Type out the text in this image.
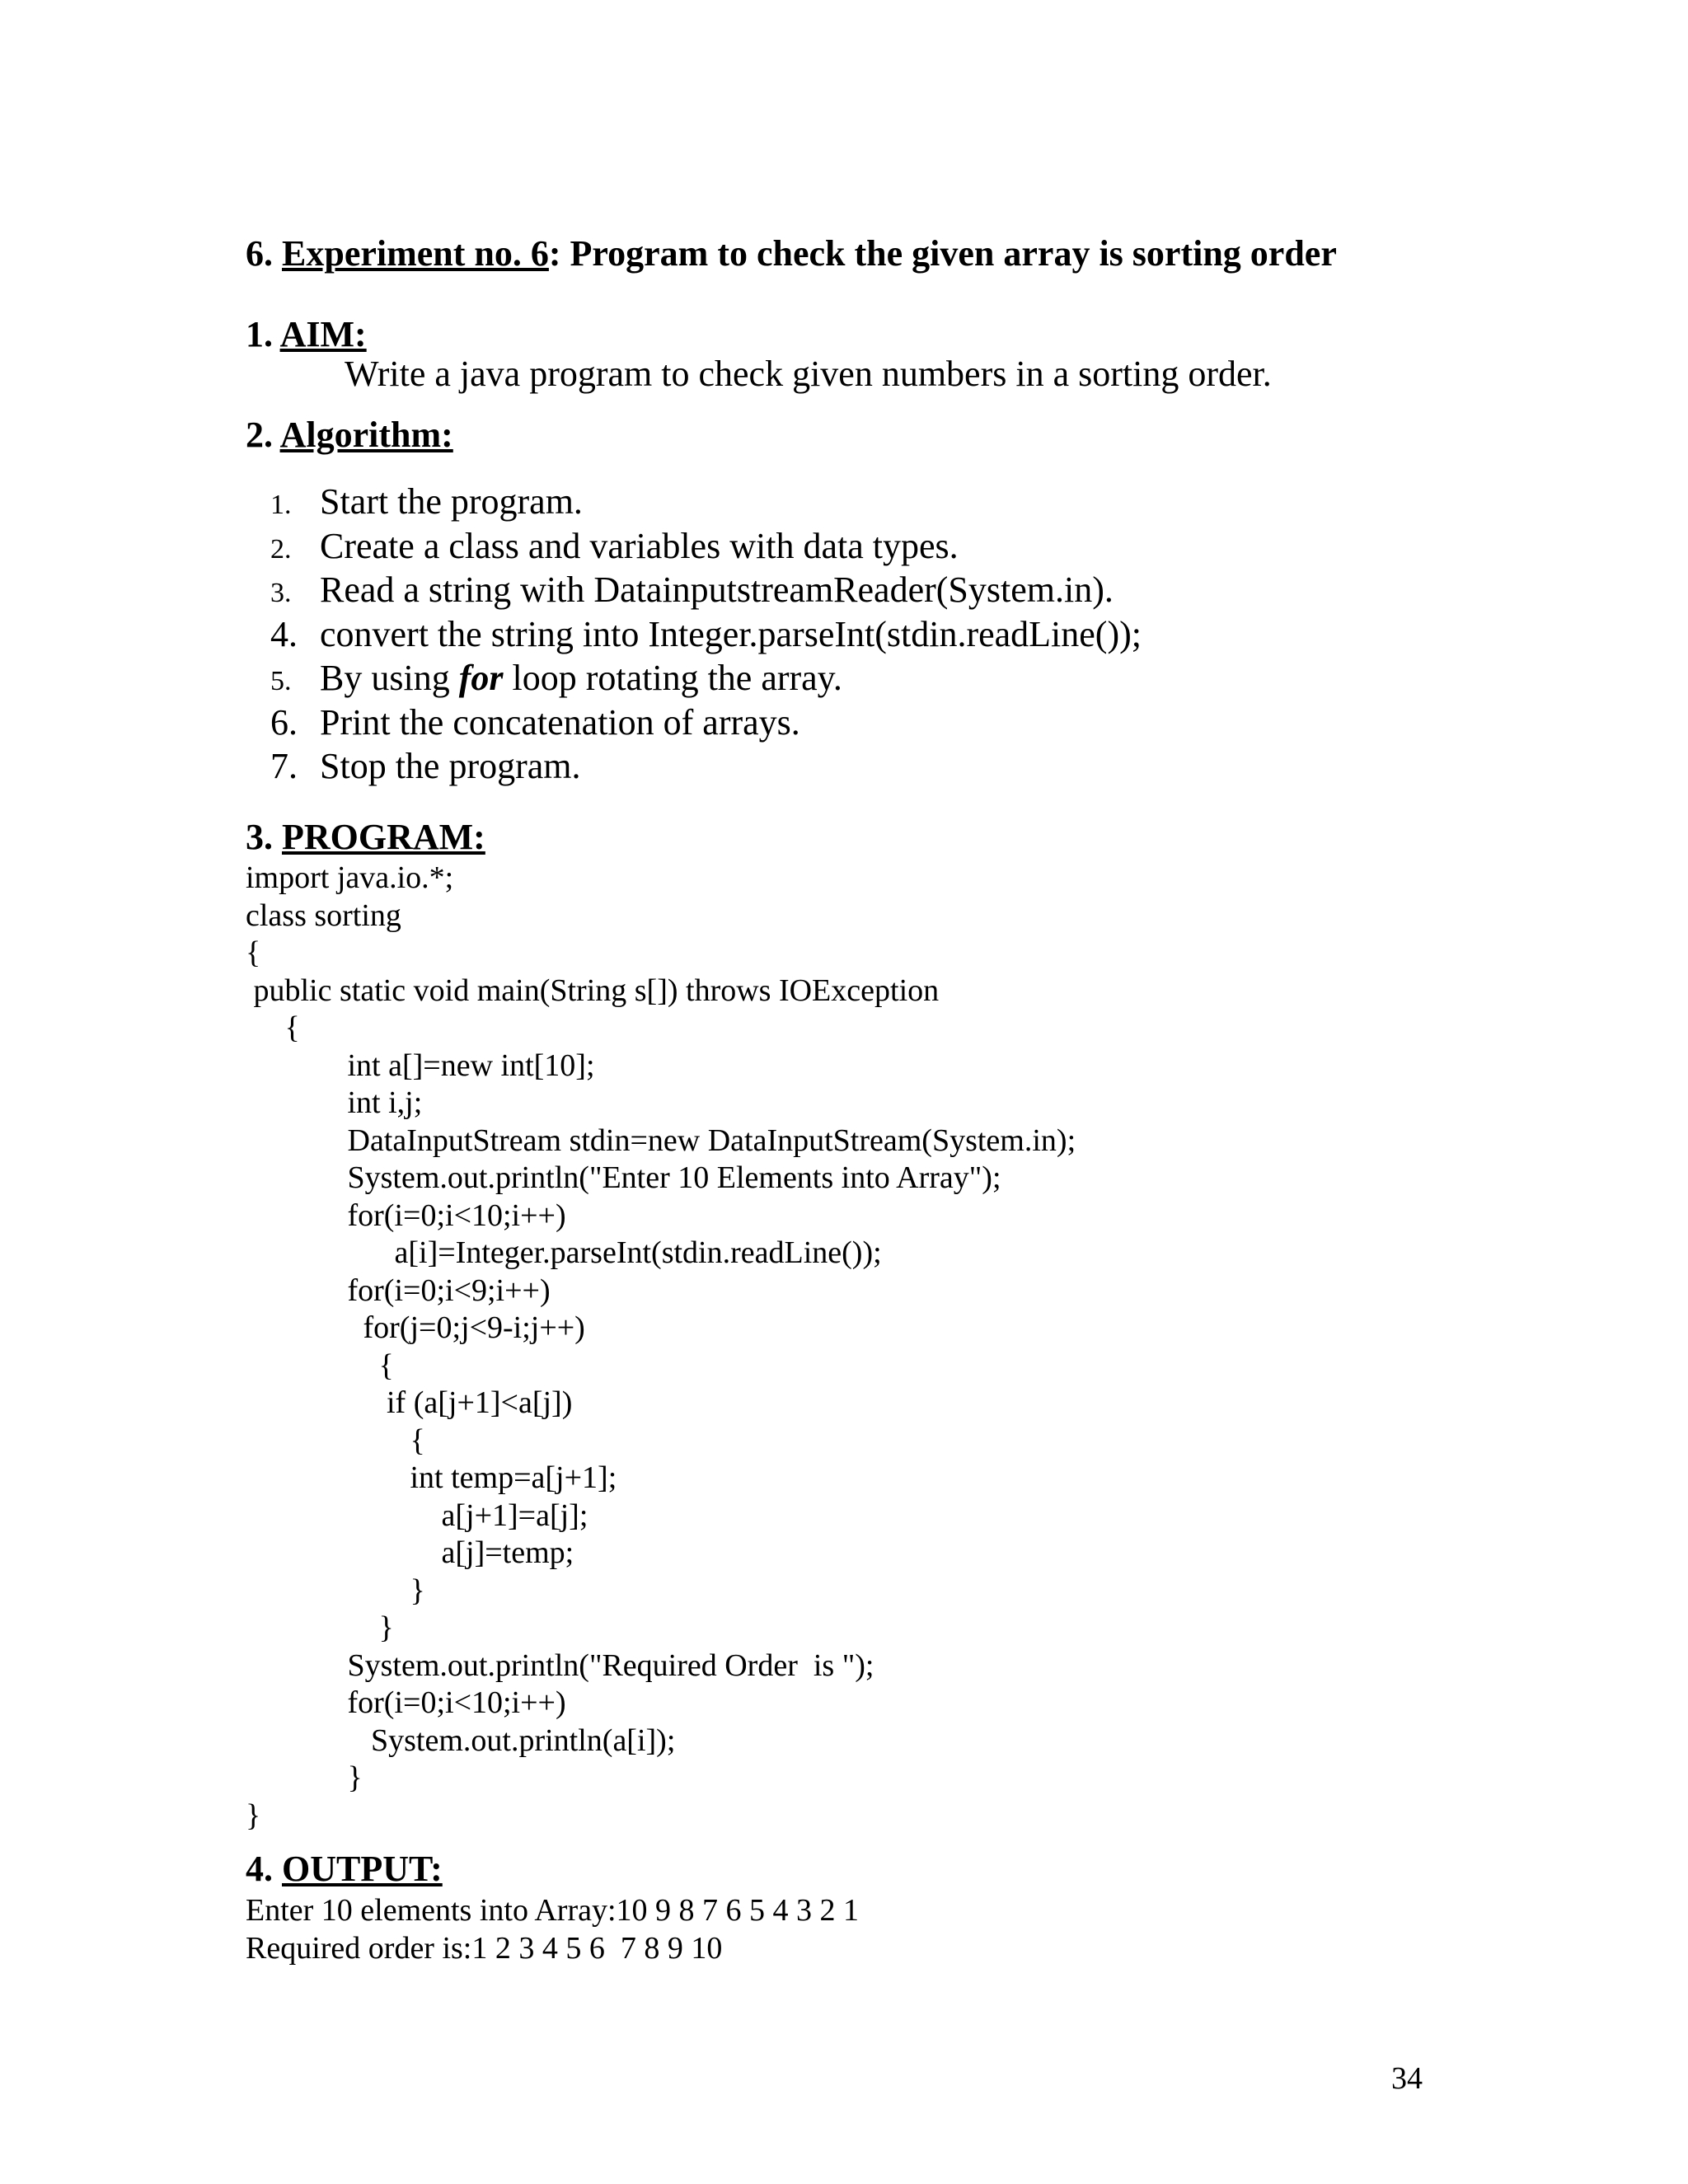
6. Experiment no. 6: Program to check the given array is sorting order
1. AIM:
Write a java program to check given numbers in a sorting order.
2. Algorithm:
1. Start the program.
2. Create a class and variables with data types.
3. Read a string with DatainputstreamReader(System.in).
4. convert the string into Integer.parseInt(stdin.readLine());
5. By using for loop rotating the array.
6. Print the concatenation of arrays.
7. Stop the program.
3. PROGRAM:
import java.io.*;
class sorting
{
public static void main(String s[]) throws IOException
{
int a[]=new int[10];
int i,j;
DataInputStream stdin=new DataInputStream(System.in);
System.out.println("Enter 10 Elements into Array");
for(i=0;i<10;i++)
a[i]=Integer.parseInt(stdin.readLine());
for(i=0;i<9;i++)
for(j=0;j<9-i;j++)
{
if (a[j+1]<a[j])
{
int temp=a[j+1];
a[j+1]=a[j];
a[j]=temp;
}
}
System.out.println("Required Order  is ");
for(i=0;i<10;i++)
System.out.println(a[i]);
}
}
4. OUTPUT:
Enter 10 elements into Array:10 9 8 7 6 5 4 3 2 1
Required order is:1 2 3 4 5 6  7 8 9 10
34
